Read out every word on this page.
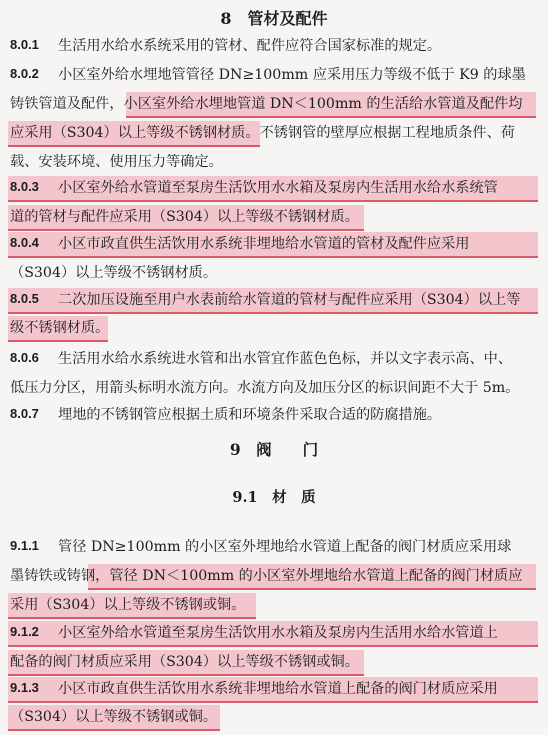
8　管材及配件
8.0.1 生活用水给水系统采用的管材、配件应符合国家标准的规定。
8.0.2 小区室外给水埋地管管径 DN≥100mm 应采用压力等级不低于 K9 的球墨
铸铁管道及配件，小区室外给水埋地管道 DN＜100mm 的生活给水管道及配件均
应采用（S304）以上等级不锈钢材质。不锈钢管的壁厚应根据工程地质条件、荷
载、安装环境、使用压力等确定。
8.0.3 小区室外给水管道至泵房生活饮用水水箱及泵房内生活用水给水系统管
道的管材与配件应采用（S304）以上等级不锈钢材质。
8.0.4 小区市政直供生活饮用水系统非埋地给水管道的管材及配件应采用
（S304）以上等级不锈钢材质。
8.0.5 二次加压设施至用户水表前给水管道的管材与配件应采用（S304）以上等
级不锈钢材质。
8.0.6 生活用水给水系统进水管和出水管宜作蓝色色标，并以文字表示高、中、
低压力分区，用箭头标明水流方向。水流方向及加压分区的标识间距不大于 5m。
8.0.7 埋地的不锈钢管应根据土质和环境条件采取合适的防腐措施。
9　阀　　门
9.1　材　质
9.1.1 管径 DN≥100mm 的小区室外埋地给水管道上配备的阀门材质应采用球
墨铸铁或铸钢，管径 DN＜100mm 的小区室外埋地给水管道上配备的阀门材质应
采用（S304）以上等级不锈钢或铜。
9.1.2 小区室外给水管道至泵房生活饮用水水箱及泵房内生活用水给水管道上
配备的阀门材质应采用（S304）以上等级不锈钢或铜。
9.1.3 小区市政直供生活饮用水系统非埋地给水管道上配备的阀门材质应采用
（S304）以上等级不锈钢或铜。
